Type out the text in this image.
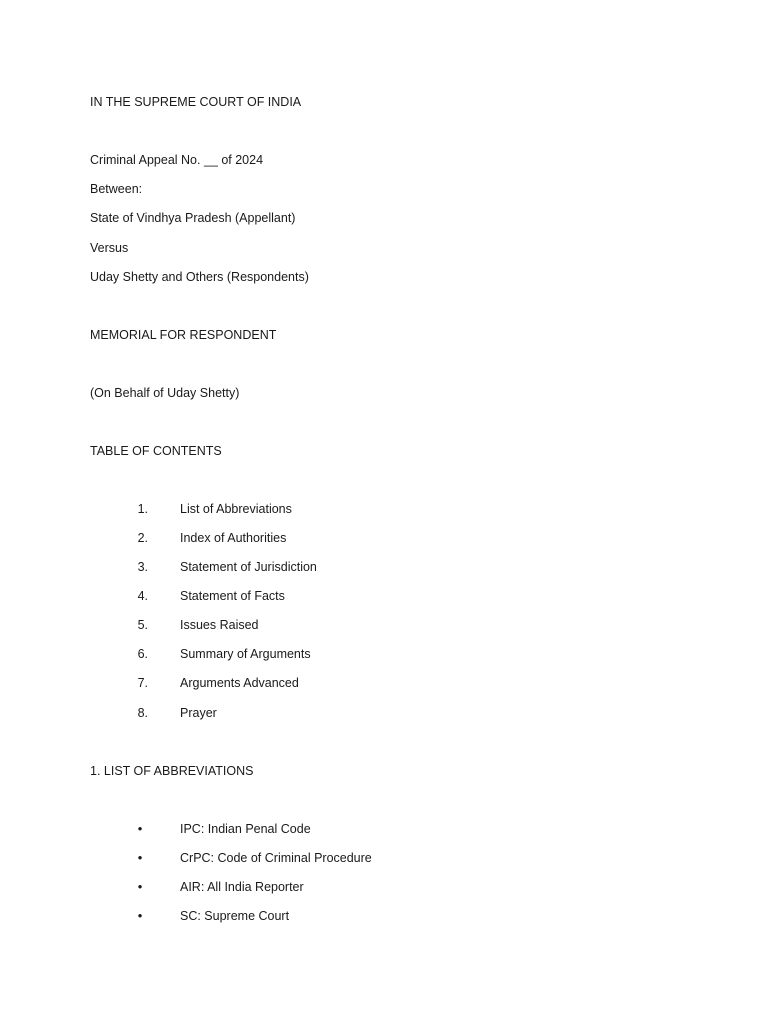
IN THE SUPREME COURT OF INDIA
Criminal Appeal No. __ of 2024
Between:
State of Vindhya Pradesh (Appellant)
Versus
Uday Shetty and Others (Respondents)
MEMORIAL FOR RESPONDENT
(On Behalf of Uday Shetty)
TABLE OF CONTENTS
1.	List of Abbreviations
2.	Index of Authorities
3.	Statement of Jurisdiction
4.	Statement of Facts
5.	Issues Raised
6.	Summary of Arguments
7.	Arguments Advanced
8.	Prayer
1. LIST OF ABBREVIATIONS
•	IPC: Indian Penal Code
•	CrPC: Code of Criminal Procedure
•	AIR: All India Reporter
•	SC: Supreme Court
